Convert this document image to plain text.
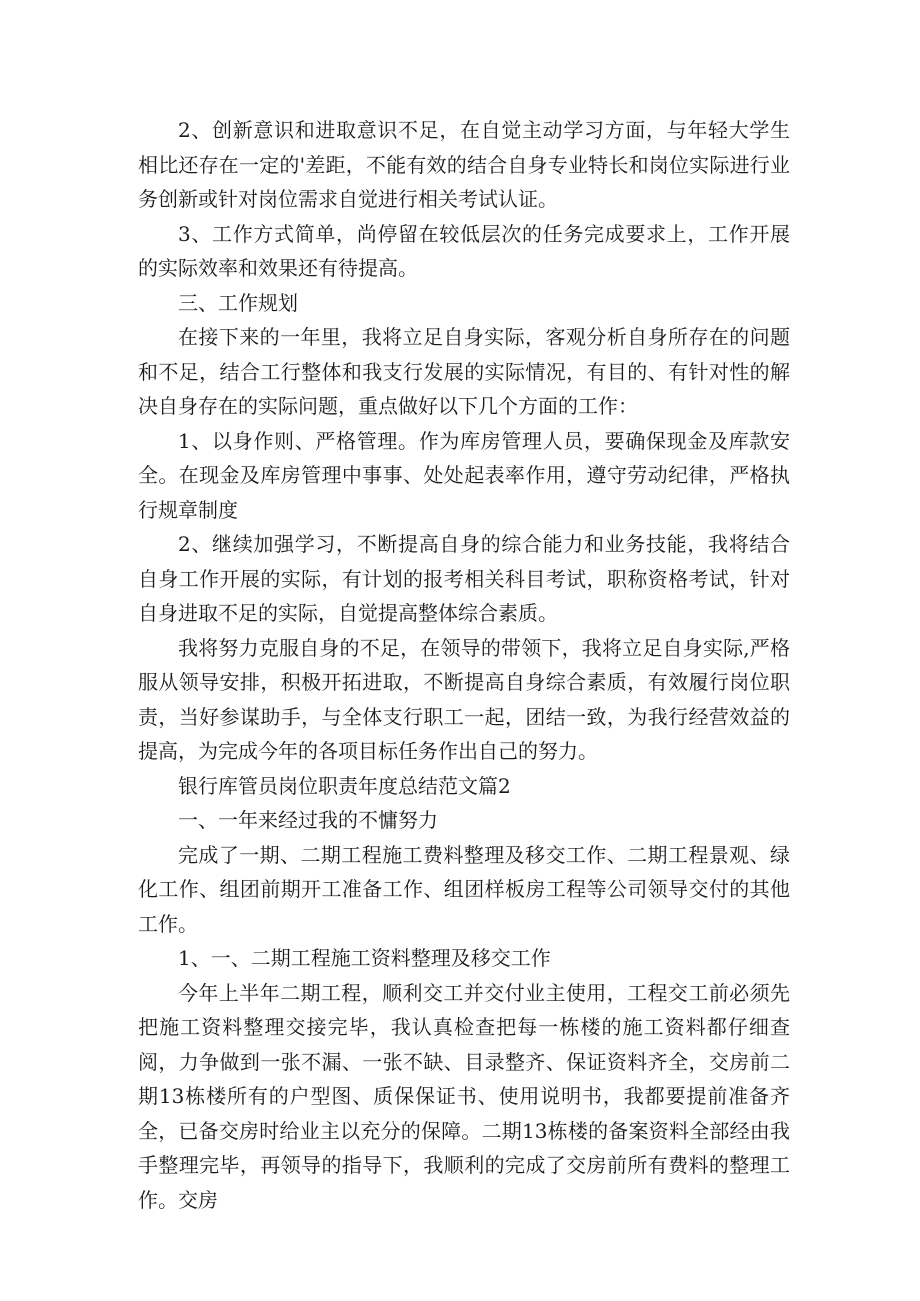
2、创新意识和进取意识不足，在自觉主动学习方面，与年轻大学生相比还存在一定的'差距，不能有效的结合自身专业特长和岗位实际进行业务创新或针对岗位需求自觉进行相关考试认证。

3、工作方式简单，尚停留在较低层次的任务完成要求上，工作开展的实际效率和效果还有待提高。

三、工作规划

在接下来的一年里，我将立足自身实际，客观分析自身所存在的问题和不足，结合工行整体和我支行发展的实际情况，有目的、有针对性的解决自身存在的实际问题，重点做好以下几个方面的工作：

1、以身作则、严格管理。作为库房管理人员，要确保现金及库款安全。在现金及库房管理中事事、处处起表率作用，遵守劳动纪律，严格执行规章制度

2、继续加强学习，不断提高自身的综合能力和业务技能，我将结合自身工作开展的实际，有计划的报考相关科目考试，职称资格考试，针对自身进取不足的实际，自觉提高整体综合素质。

我将努力克服自身的不足，在领导的带领下，我将立足自身实际,严格服从领导安排，积极开拓进取，不断提高自身综合素质，有效履行岗位职责，当好参谋助手，与全体支行职工一起，团结一致，为我行经营效益的提高，为完成今年的各项目标任务作出自己的努力。

银行库管员岗位职责年度总结范文篇2

一、一年来经过我的不慵努力

完成了一期、二期工程施工费料整理及移交工作、二期工程景观、绿化工作、组团前期开工准备工作、组团样板房工程等公司领导交付的其他工作。

1、一、二期工程施工资料整理及移交工作

今年上半年二期工程，顺利交工并交付业主使用，工程交工前必须先把施工资料整理交接完毕，我认真检查把每一栋楼的施工资料都仔细查阅，力争做到一张不漏、一张不缺、目录整齐、保证资料齐全，交房前二期13栋楼所有的户型图、质保保证书、使用说明书，我都要提前准备齐全，已备交房时给业主以充分的保障。二期13栋楼的备案资料全部经由我手整理完毕，再领导的指导下，我顺利的完成了交房前所有费料的整理工作。交房
